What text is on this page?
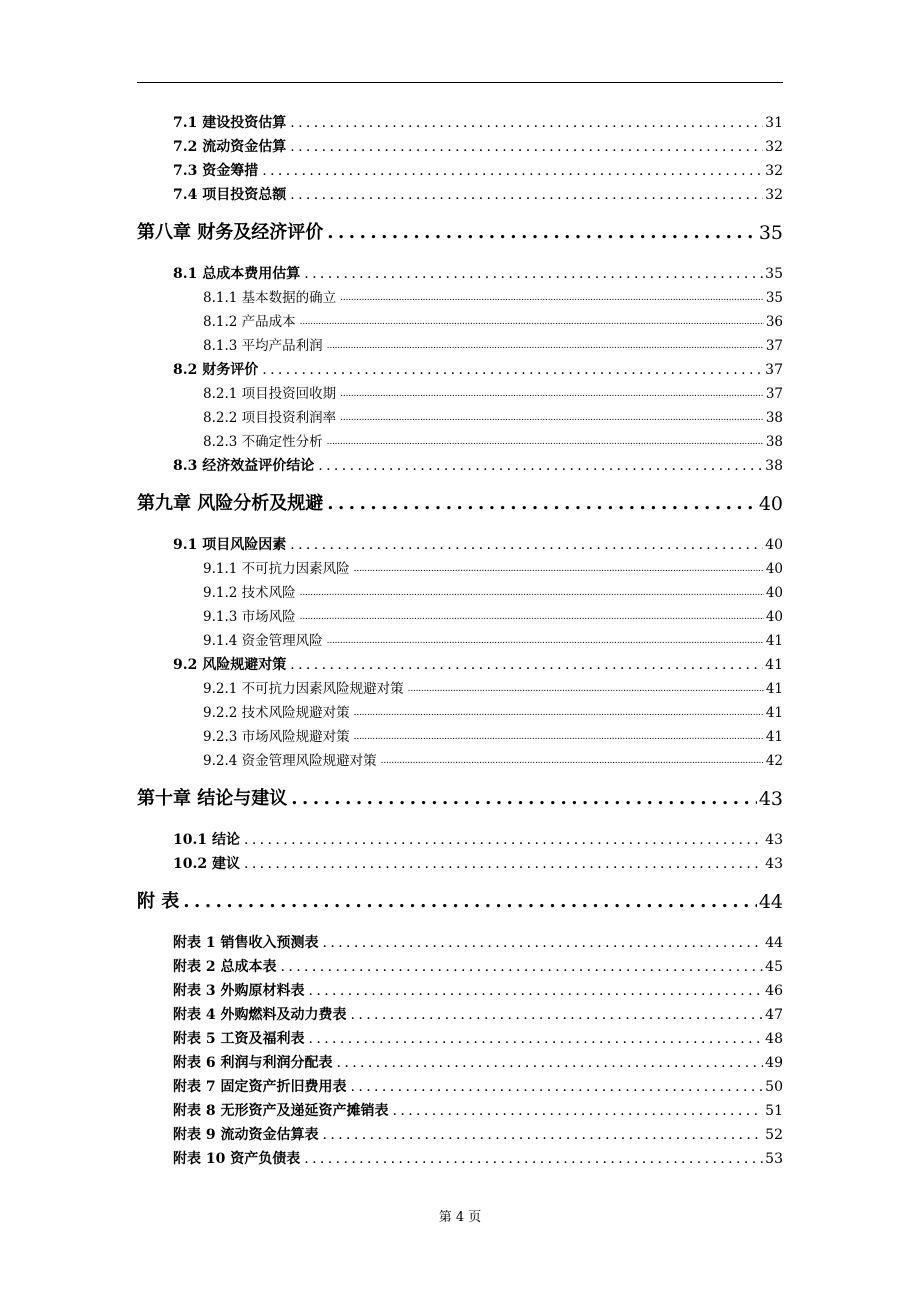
7.1 建设投资估算 .....	31
7.2 流动资金估算 .....	32
7.3 资金筹措 .....	32
7.4 项目投资总额 .....	32
第八章 财务及经济评价 .....	35
8.1 总成本费用估算 .....	35
8.1.1 基本数据的确立 .....	35
8.1.2 产品成本 .....	36
8.1.3 平均产品利润 .....	37
8.2 财务评价 .....	37
8.2.1 项目投资回收期 .....	37
8.2.2 项目投资利润率 .....	38
8.2.3 不确定性分析 .....	38
8.3 经济效益评价结论 .....	38
第九章 风险分析及规避 .....	40
9.1 项目风险因素 .....	40
9.1.1 不可抗力因素风险 .....	40
9.1.2 技术风险 .....	40
9.1.3 市场风险 .....	40
9.1.4 资金管理风险 .....	41
9.2 风险规避对策 .....	41
9.2.1 不可抗力因素风险规避对策 .....	41
9.2.2 技术风险规避对策 .....	41
9.2.3 市场风险规避对策 .....	41
9.2.4 资金管理风险规避对策 .....	42
第十章 结论与建议 .....	43
10.1 结论 .....	43
10.2 建议 .....	43
附 表 .....	44
附表 1 销售收入预测表 .....	44
附表 2 总成本表 .....	45
附表 3 外购原材料表 .....	46
附表 4 外购燃料及动力费表 .....	47
附表 5 工资及福利表 .....	48
附表 6 利润与利润分配表 .....	49
附表 7 固定资产折旧费用表 .....	50
附表 8 无形资产及递延资产摊销表 .....	51
附表 9 流动资金估算表 .....	52
附表 10 资产负债表 .....	53
第 4 页
